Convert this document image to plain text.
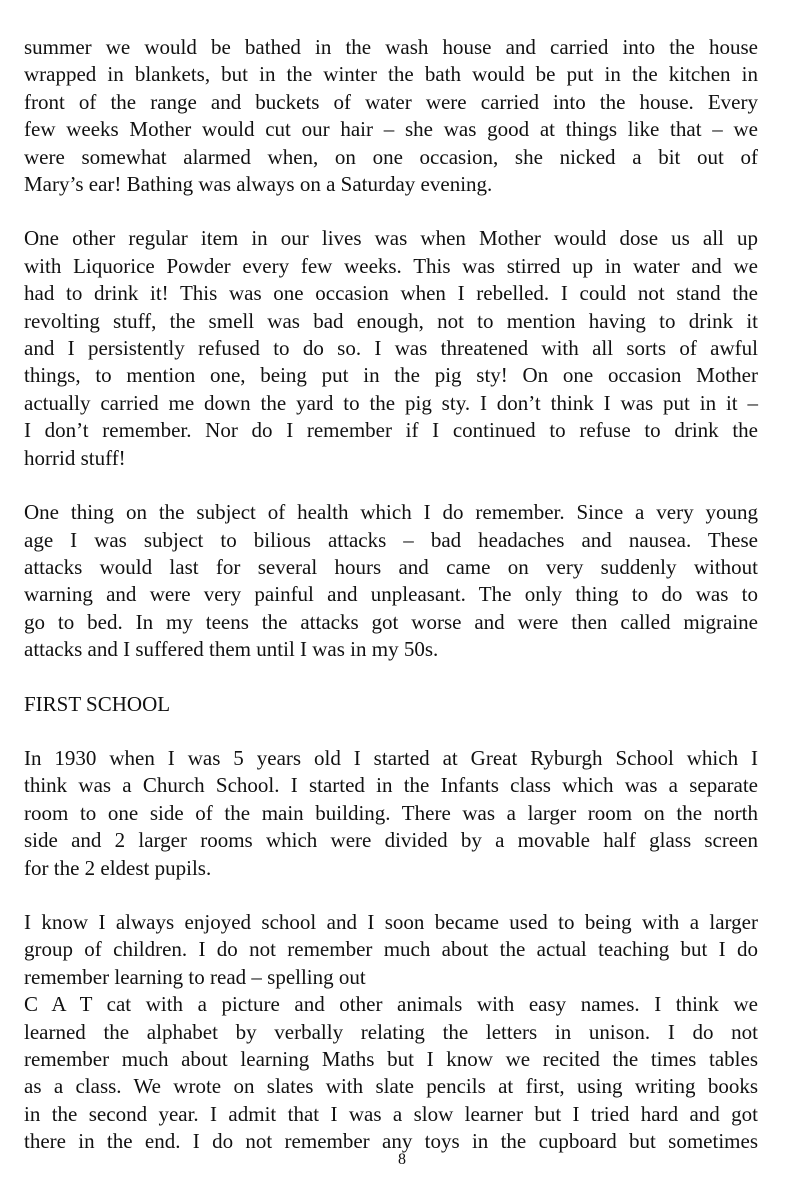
summer we would be bathed in the wash house and carried into the house
wrapped in blankets, but in the winter the bath would be put in the kitchen in
front of the range and buckets of water were carried into the house. Every
few weeks Mother would cut our hair – she was good at things like that – we
were somewhat alarmed when, on one occasion, she nicked a bit out of
Mary’s ear! Bathing was always on a Saturday evening.

One other regular item in our lives was when Mother would dose us all up
with Liquorice Powder every few weeks. This was stirred up in water and we
had to drink it! This was one occasion when I rebelled. I could not stand the
revolting stuff, the smell was bad enough, not to mention having to drink it
and I persistently refused to do so. I was threatened with all sorts of awful
things, to mention one, being put in the pig sty! On one occasion Mother
actually carried me down the yard to the pig sty. I don’t think I was put in it –
I don’t remember. Nor do I remember if I continued to refuse to drink the
horrid stuff!

One thing on the subject of health which I do remember. Since a very young
age I was subject to bilious attacks – bad headaches and nausea. These
attacks would last for several hours and came on very suddenly without
warning and were very painful and unpleasant. The only thing to do was to
go to bed. In my teens the attacks got worse and were then called migraine
attacks and I suffered them until I was in my 50s.

FIRST SCHOOL

In 1930 when I was 5 years old I started at Great Ryburgh School which I
think was a Church School. I started in the Infants class which was a separate
room to one side of the main building. There was a larger room on the north
side and 2 larger rooms which were divided by a movable half glass screen
for the 2 eldest pupils.

I know I always enjoyed school and I soon became used to being with a larger
group of children. I do not remember much about the actual teaching but I do
remember learning to read – spelling out
C A T cat with a picture and other animals with easy names. I think we
learned the alphabet by verbally relating the letters in unison. I do not
remember much about learning Maths but I know we recited the times tables
as a class. We wrote on slates with slate pencils at first, using writing books
in the second year. I admit that I was a slow learner but I tried hard and got
there in the end. I do not remember any toys in the cupboard but sometimes

8
